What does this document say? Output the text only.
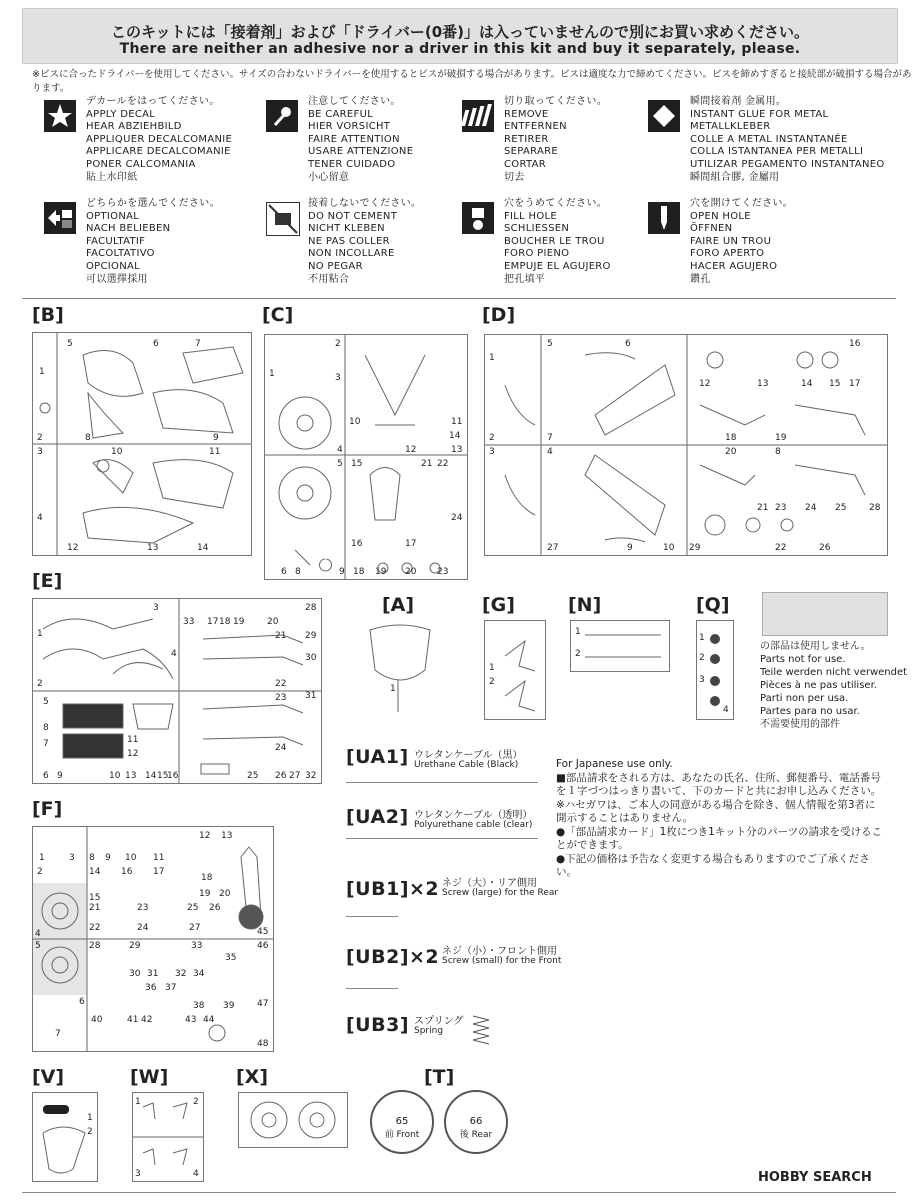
このキットには「接着剤」および「ドライバー(0番)」は入っていませんので別にお買い求めください。
There are neither an adhesive nor a driver in this kit and buy it separately, please.
※ビスに合ったドライバーを使用してください。サイズの合わないドライバーを使用するとビスが破損する場合があります。ビスは適度な力で締めてください。ビスを締めすぎると接続部が破損する場合があります。
デカールをはってください。
APPLY DECAL
HEAR ABZIEHBILD
APPLIQUER DECALCOMANIE
APPLICARE DECALCOMANIE
PONER CALCOMANIA
貼上水印紙
注意してください。
BE CAREFUL
HIER VORSICHT
FAIRE ATTENTION
USARE ATTENZIONE
TENER CUIDADO
小心留意
切り取ってください。
REMOVE
ENTFERNEN
RETIRER
SEPARARE
CORTAR
切去
瞬間接着剤 金属用。
INSTANT GLUE FOR METAL
METALLKLEBER
COLLE A METAL INSTANTANÉE
COLLA ISTANTANEA PER METALLI
UTILIZAR PEGAMENTO INSTANTANEO
瞬間組合膠, 金屬用
どちらかを選んでください。
OPTIONAL
NACH BELIEBEN
FACULTATIF
FACOLTATIVO
OPCIONAL
可以選擇採用
接着しないでください。
DO NOT CEMENT
NICHT KLEBEN
NE PAS COLLER
NON INCOLLARE
NO PEGAR
不用粘合
穴をうめてください。
FILL HOLE
SCHLIESSEN
BOUCHER LE TROU
FORO PIENO
EMPUJE EL AGUJERO
把孔填平
穴を開けてください。
OPEN HOLE
ÖFFNEN
FAIRE UN TROU
FORO APERTO
HACER AGUJERO
鑽孔
[B]
5	6	7
1
2	8	9
3	10	11
4
12	13	14
[C]
2
1	3
10	11
14
4	12	13
5 15	21 22
24
16	17
6 8	9 18 19 20 23
[D]
5	6	16
1
12	13	14 15 17
2	7	18	19
3	20
4	8
21 23 24 25	28
29	22	26
27	9	10
[E]
3
33 17 18 19	20
28
1	21 29
4	30
22
2
31
23
5
11
24
8
7
12
6 9	10 13 14 15
16	25 26 27 32
[A]
1
[G]
1
2
[N]
1
2
[Q]
1
2
3
4
の部品は使用しません。
Parts not for use.
Teile werden nicht verwendet
Pièces à ne pas utiliser.
Parti non per usa.
Partes para no usar.
不需要使用的部件
[UA1] ウレタンケーブル（黒）
Urethane Cable (Black)
[UA2] ウレタンケーブル（透明）
Polyurethane cable (clear)
[UB1]×2 ネジ（大）・リア側用
Screw (large) for the Rear
[UB2]×2 ネジ（小）・フロント側用
Screw (small) for the Front
[UB3] スプリング
Spring
For Japanese use only.
■部品請求をされる方は、あなたの氏名、住所、郵便番号、電話番号を１字づつはっきり書いて、下のカードと共にお申し込みください。
※ハセガワは、ご本人の同意がある場合を除き、個人情報を第3者に開示することはありません。
●「部品請求カード」1枚につき1キット分のパーツの請求を受けることができます。
●下記の価格は予告なく変更する場合もありますのでご了承ください。
[F]
1
2
3 8 9 10 11
12 13
14
15
16 17
18
19 20
21
22
23
24
25 26
27
4
5	28	29
30 31 32
33
34
35
36 37
38 39
40	41 42	43 44
45
46
47
48
6
7
[V]
1
2
[W]
1	2
3	4
[X]	[T]
65
前 Front
66
後 Rear
HOBBY SEARCH
